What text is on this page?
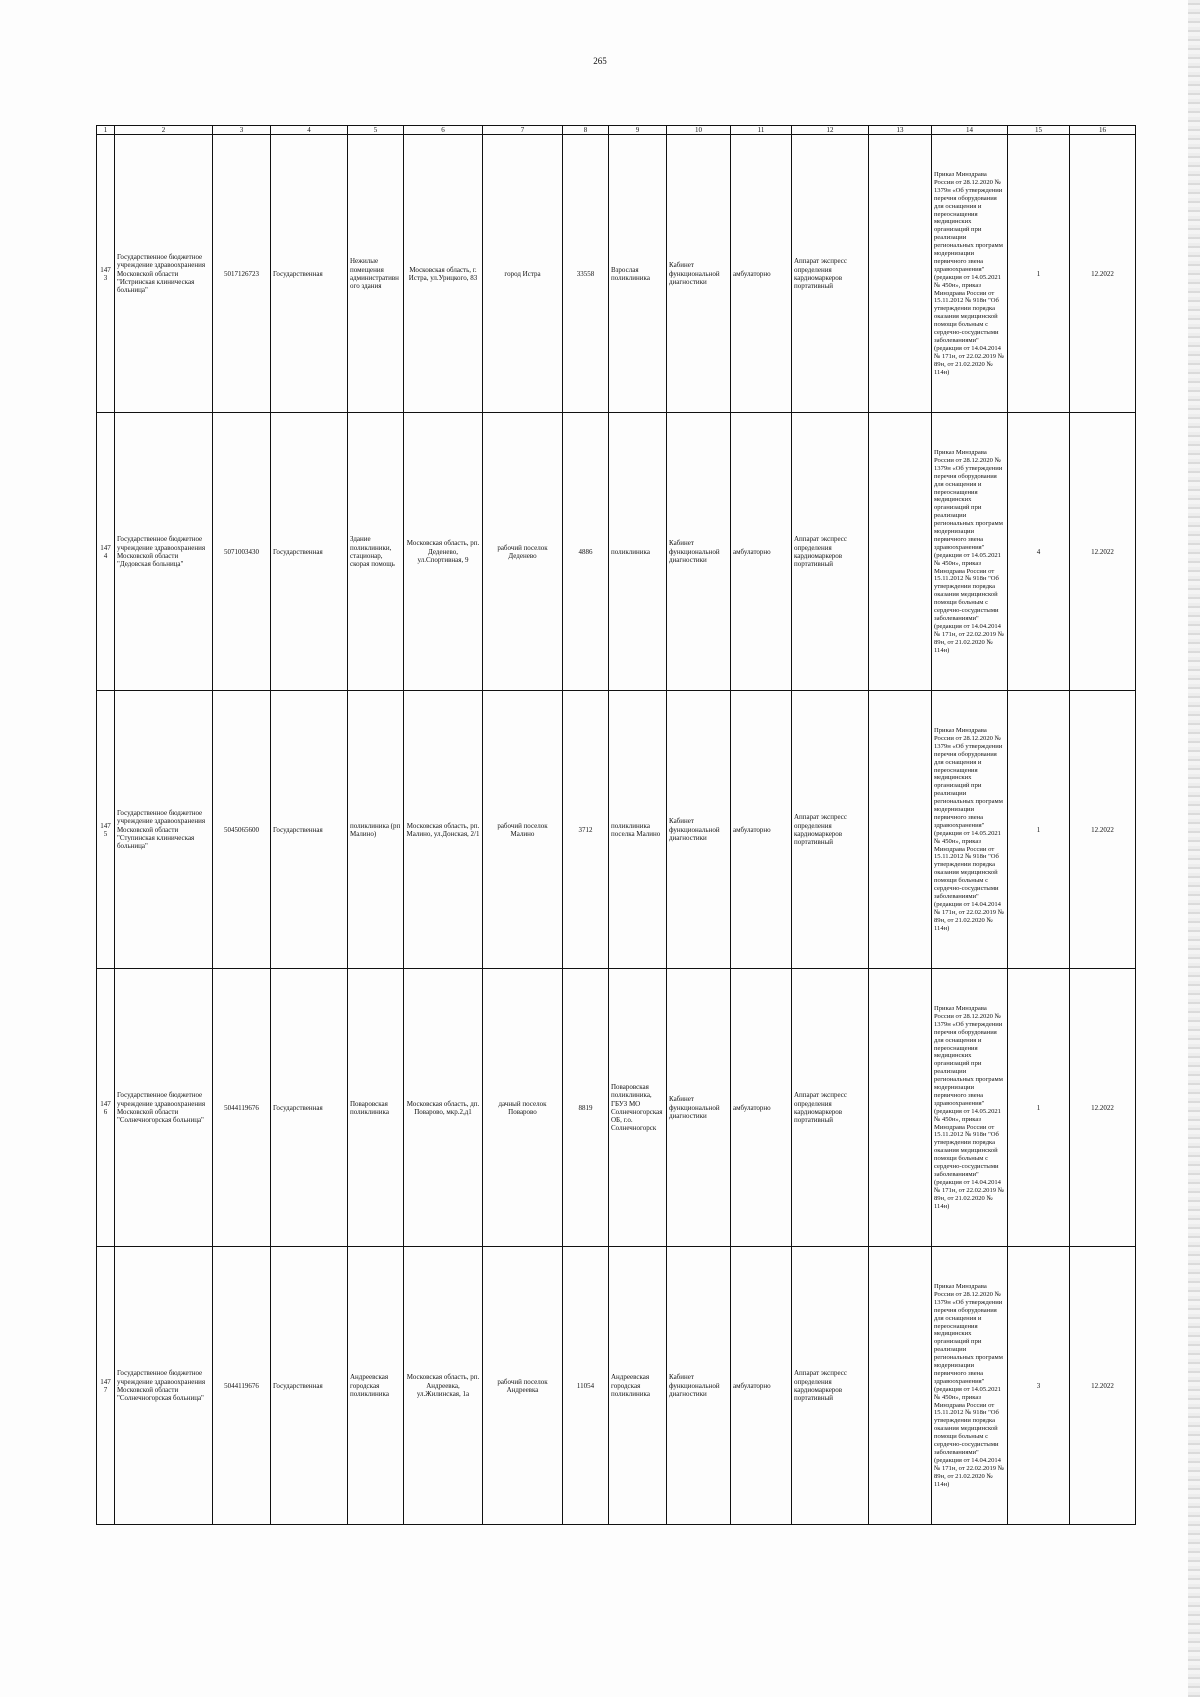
265
1	2	3	4	5	6	7	8	9	10	11	12	13	14	15	16
1473	Государственное бюджетное учреждение здравоохранения Московской области "Истринская клиническая больница"	5017126723	Государственная	Нежилые помещения административного здания	Московская область, г. Истра, ул.Урицкого, 83	город Истра	33558	Взрослая поликлиника	Кабинет функциональной диагностики	амбулаторно	Аппарат экспресс определения кардиомаркеров портативный		Приказ Минздрава России от 28.12.2020 № 1379н «Об утверждении перечня оборудования для оснащения и переоснащения медицинских организаций при реализации региональных программ модернизации первичного звена здравоохранения"(редакция от 14.05.2021 № 450н», приказ Минздрава России от 15.11.2012 № 918н "Об утверждении порядка оказания медицинской помощи больным с сердечно-сосудистыми заболеваниями" (редакция от 14.04.2014 № 171н, от 22.02.2019 № 89н, от 21.02.2020 № 114н)	1	12.2022
1474	Государственное бюджетное учреждение здравоохранения Московской области "Дедовская больница"	5071003430	Государственная	Здание поликлиники, стационар, скорая помощь	Московская область, рп. Деденево, ул.Спортивная, 9	рабочий поселок Деденево	4886	поликлиника	Кабинет функциональной диагностики	амбулаторно	Аппарат экспресс определения кардиомаркеров портативный		Приказ Минздрава России от 28.12.2020 № 1379н «Об утверждении перечня оборудования для оснащения и переоснащения медицинских организаций при реализации региональных программ модернизации первичного звена здравоохранения"(редакция от 14.05.2021 № 450н», приказ Минздрава России от 15.11.2012 № 918н "Об утверждении порядка оказания медицинской помощи больным с сердечно-сосудистыми заболеваниями" (редакция от 14.04.2014 № 171н, от 22.02.2019 № 89н, от 21.02.2020 № 114н)	4	12.2022
1475	Государственное бюджетное учреждение здравоохранения Московской области "Ступинская клиническая больница"	5045065600	Государственная	поликлиника (рп Малино)	Московская область, рп. Малино, ул.Донская, 2/1	рабочий поселок Малино	3712	поликлиника поселка Малино	Кабинет функциональной диагностики	амбулаторно	Аппарат экспресс определения кардиомаркеров портативный		Приказ Минздрава России от 28.12.2020 № 1379н «Об утверждении перечня оборудования для оснащения и переоснащения медицинских организаций при реализации региональных программ модернизации первичного звена здравоохранения"(редакция от 14.05.2021 № 450н», приказ Минздрава России от 15.11.2012 № 918н "Об утверждении порядка оказания медицинской помощи больным с сердечно-сосудистыми заболеваниями" (редакция от 14.04.2014 № 171н, от 22.02.2019 № 89н, от 21.02.2020 № 114н)	1	12.2022
1476	Государственное бюджетное учреждение здравоохранения Московской области "Солнечногорская больница"	5044119676	Государственная	Поваровская поликлиника	Московская область, дп. Поварово, мкр.2,д1	дачный поселок Поварово	8819	Поваровская поликлиника, ГБУЗ МО Солнечногорская ОБ, г.о. Солнечногорск	Кабинет функциональной диагностики	амбулаторно	Аппарат экспресс определения кардиомаркеров портативный		Приказ Минздрава России от 28.12.2020 № 1379н «Об утверждении перечня оборудования для оснащения и переоснащения медицинских организаций при реализации региональных программ модернизации первичного звена здравоохранения"(редакция от 14.05.2021 № 450н», приказ Минздрава России от 15.11.2012 № 918н "Об утверждении порядка оказания медицинской помощи больным с сердечно-сосудистыми заболеваниями" (редакция от 14.04.2014 № 171н, от 22.02.2019 № 89н, от 21.02.2020 № 114н)	1	12.2022
1477	Государственное бюджетное учреждение здравоохранения Московской области "Солнечногорская больница"	5044119676	Государственная	Андреевская городская поликлиника	Московская область, рп. Андреевка, ул.Жилинская, 1а	рабочий поселок Андреевка	11054	Андреевская городская поликлиника	Кабинет функциональной диагностики	амбулаторно	Аппарат экспресс определения кардиомаркеров портативный		Приказ Минздрава России от 28.12.2020 № 1379н «Об утверждении перечня оборудования для оснащения и переоснащения медицинских организаций при реализации региональных программ модернизации первичного звена здравоохранения"(редакция от 14.05.2021 № 450н», приказ Минздрава России от 15.11.2012 № 918н "Об утверждении порядка оказания медицинской помощи больным с сердечно-сосудистыми заболеваниями" (редакция от 14.04.2014 № 171н, от 22.02.2019 № 89н, от 21.02.2020 № 114н)	3	12.2022
